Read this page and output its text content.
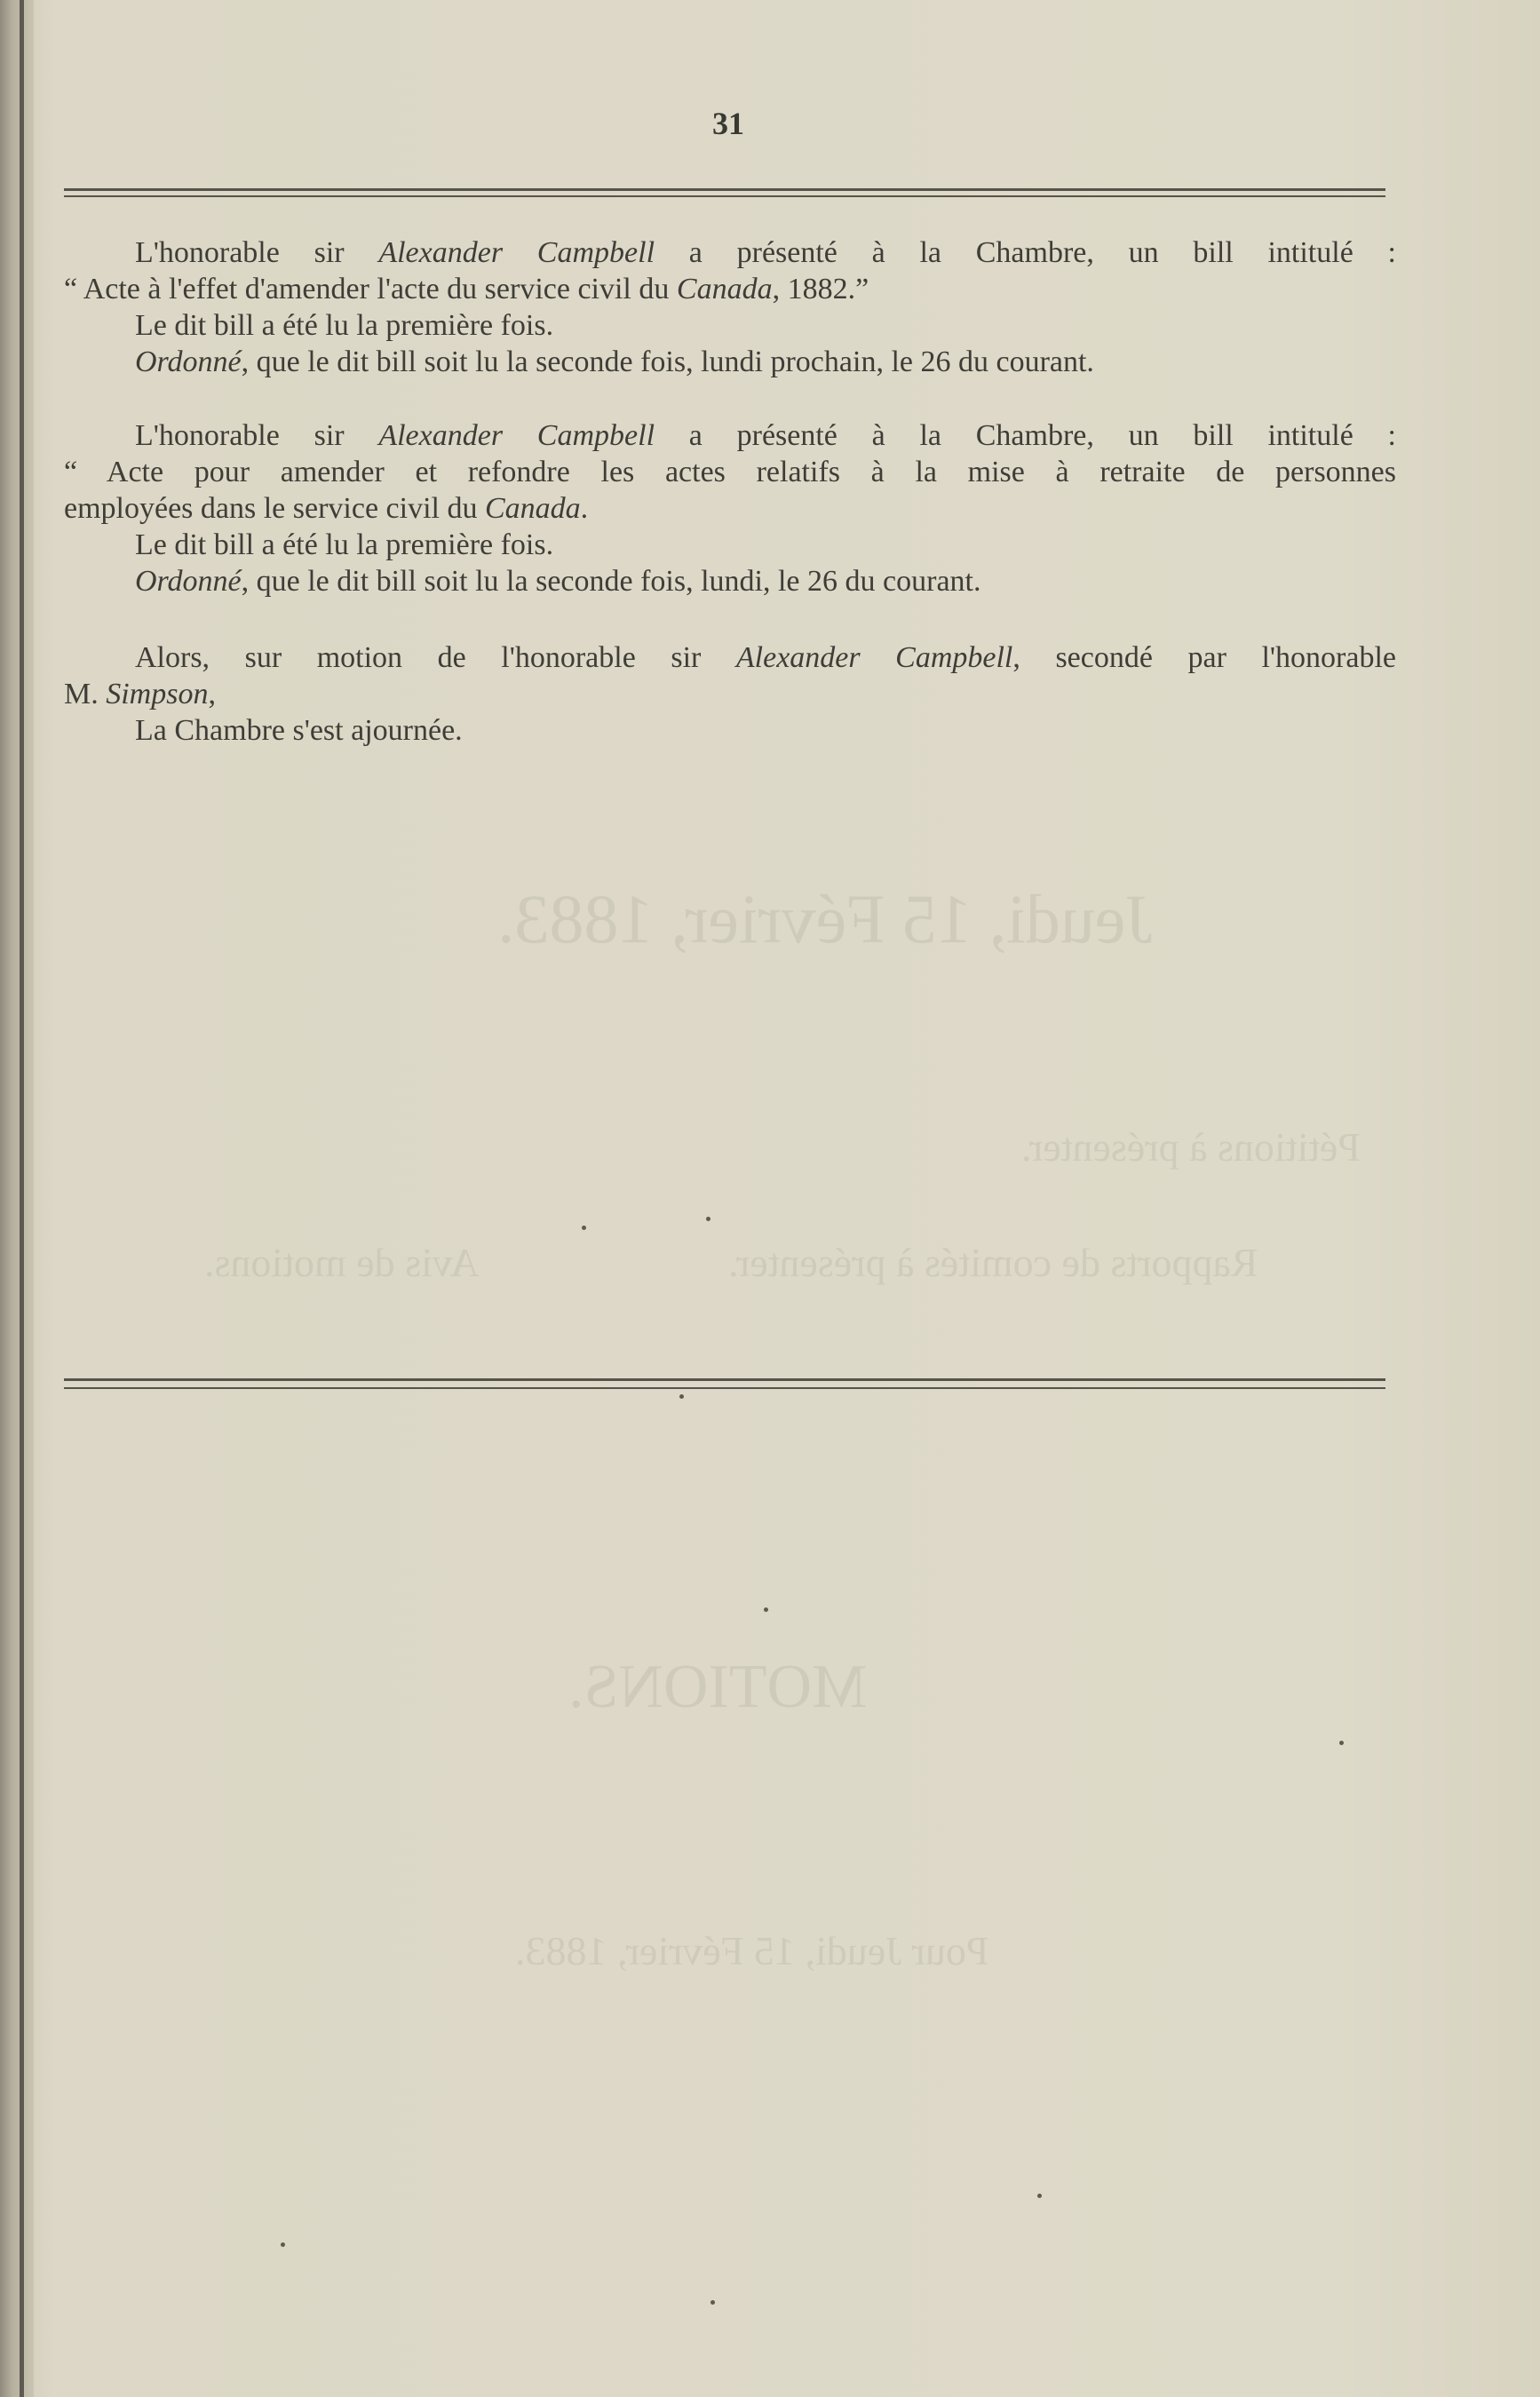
Jeudi, 15 Février, 1883.
Pétitions à présenter.
Rapports de comités à présenter.
Avis de motions.
MOTIONS.
Pour Jeudi, 15 Février, 1883.
31
L'honorable sir Alexander Campbell a présenté à la Chambre, un bill intitulé :
“ Acte à l'effet d'amender l'acte du service civil du Canada, 1882.”
Le dit bill a été lu la première fois.
Ordonné, que le dit bill soit lu la seconde fois, lundi prochain, le 26 du courant.
L'honorable sir Alexander Campbell a présenté à la Chambre, un bill intitulé :
“ Acte pour amender et refondre les actes relatifs à la mise à retraite de personnes
employées dans le service civil du Canada.
Le dit bill a été lu la première fois.
Ordonné, que le dit bill soit lu la seconde fois, lundi, le 26 du courant.
Alors, sur motion de l'honorable sir Alexander Campbell, secondé par l'honorable
M. Simpson,
La Chambre s'est ajournée.
